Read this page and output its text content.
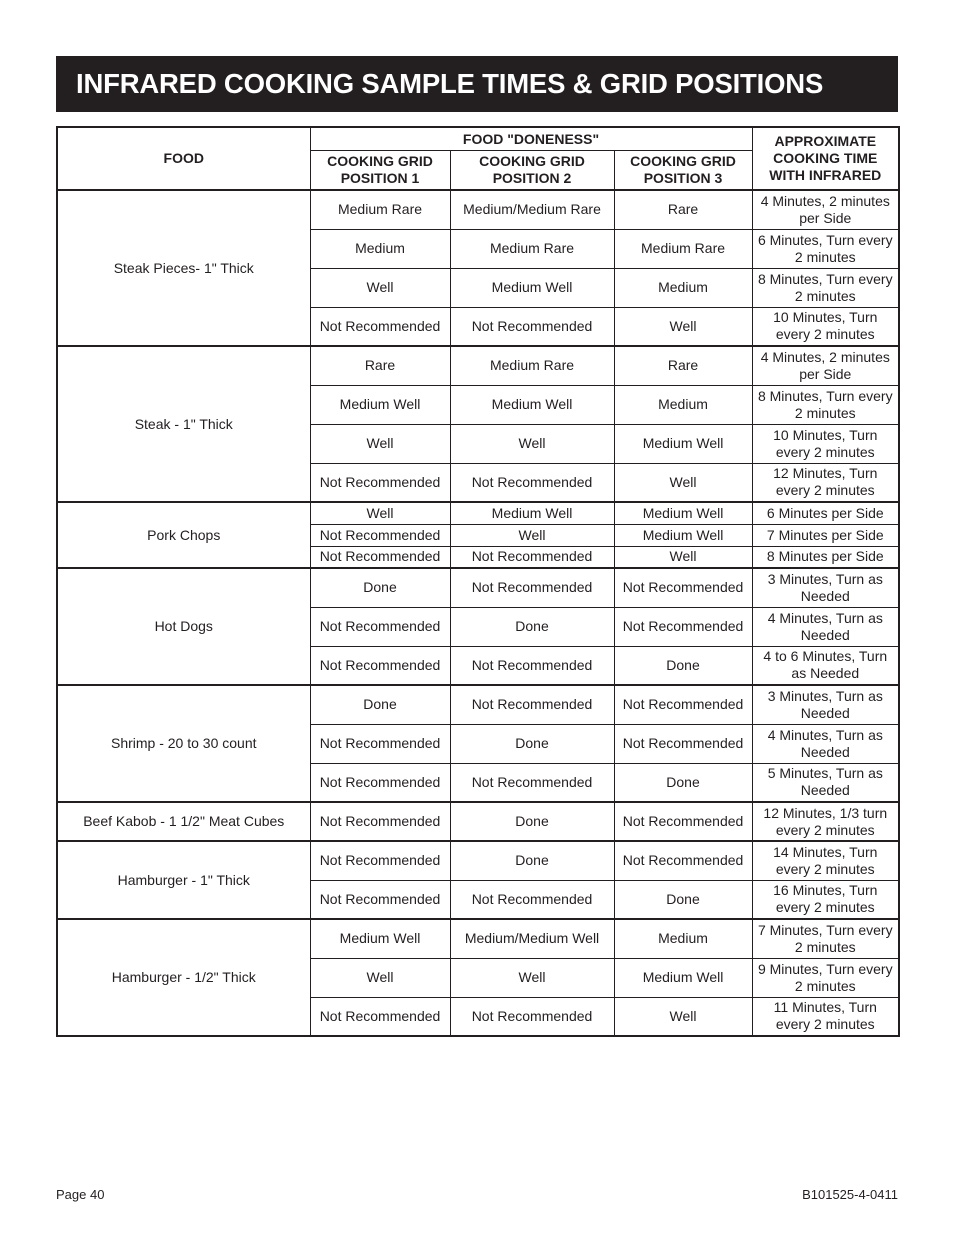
INFRARED COOKING SAMPLE TIMES & GRID POSITIONS
FOOD	FOOD "DONENESS"			APPROXIMATE COOKING TIME WITH INFRARED
	COOKING GRID POSITION 1	COOKING GRID POSITION 2	COOKING GRID POSITION 3	
Steak Pieces- 1" Thick	Medium Rare	Medium/Medium Rare	Rare	4 Minutes, 2 minutes per Side
	Medium	Medium Rare	Medium Rare	6 Minutes, Turn every 2 minutes
	Well	Medium Well	Medium	8 Minutes, Turn every 2 minutes
	Not Recommended	Not Recommended	Well	10 Minutes, Turn every 2 minutes
Steak - 1" Thick	Rare	Medium Rare	Rare	4 Minutes, 2 minutes per Side
	Medium Well	Medium Well	Medium	8 Minutes, Turn every 2 minutes
	Well	Well	Medium Well	10 Minutes, Turn every 2 minutes
	Not Recommended	Not Recommended	Well	12 Minutes, Turn every 2 minutes
Pork Chops	Well	Medium Well	Medium Well	6 Minutes per Side
	Not Recommended	Well	Medium Well	7 Minutes per Side
	Not Recommended	Not Recommended	Well	8 Minutes per Side
Hot Dogs	Done	Not Recommended	Not Recommended	3 Minutes, Turn as Needed
	Not Recommended	Done	Not Recommended	4 Minutes, Turn as Needed
	Not Recommended	Not Recommended	Done	4 to 6 Minutes, Turn as Needed
Shrimp - 20 to 30 count	Done	Not Recommended	Not Recommended	3 Minutes, Turn as Needed
	Not Recommended	Done	Not Recommended	4 Minutes, Turn as Needed
	Not Recommended	Not Recommended	Done	5 Minutes, Turn as Needed
Beef Kabob - 1 1/2" Meat Cubes	Not Recommended	Done	Not Recommended	12 Minutes, 1/3 turn every 2 minutes
Hamburger - 1" Thick	Not Recommended	Done	Not Recommended	14 Minutes, Turn every 2 minutes
	Not Recommended	Not Recommended	Done	16 Minutes, Turn every 2 minutes
Hamburger - 1/2" Thick	Medium Well	Medium/Medium Well	Medium	7 Minutes, Turn every 2 minutes
	Well	Well	Medium Well	9 Minutes, Turn every 2 minutes
	Not Recommended	Not Recommended	Well	11 Minutes, Turn every 2 minutes
Page 40	B101525-4-0411
